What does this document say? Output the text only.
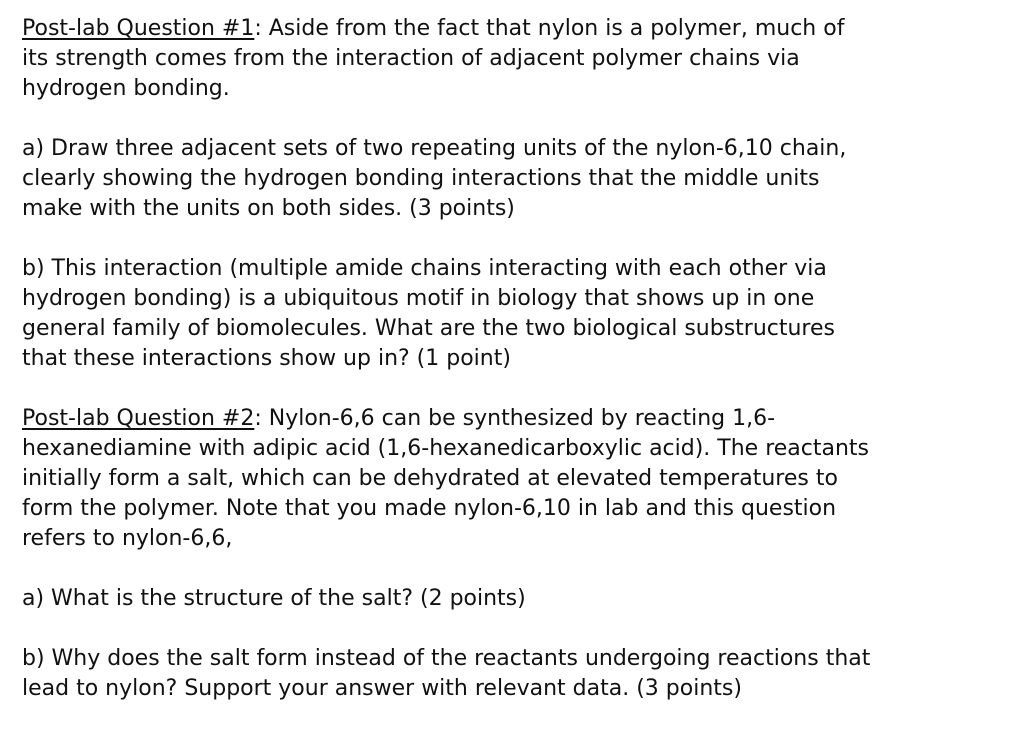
Post-lab Question #1: Aside from the fact that nylon is a polymer, much of
its strength comes from the interaction of adjacent polymer chains via
hydrogen bonding.
a) Draw three adjacent sets of two repeating units of the nylon-6,10 chain,
clearly showing the hydrogen bonding interactions that the middle units
make with the units on both sides. (3 points)
b) This interaction (multiple amide chains interacting with each other via
hydrogen bonding) is a ubiquitous motif in biology that shows up in one
general family of biomolecules. What are the two biological substructures
that these interactions show up in? (1 point)
Post-lab Question #2: Nylon-6,6 can be synthesized by reacting 1,6-
hexanediamine with adipic acid (1,6-hexanedicarboxylic acid). The reactants
initially form a salt, which can be dehydrated at elevated temperatures to
form the polymer. Note that you made nylon-6,10 in lab and this question
refers to nylon-6,6,
a) What is the structure of the salt? (2 points)
b) Why does the salt form instead of the reactants undergoing reactions that
lead to nylon? Support your answer with relevant data. (3 points)
